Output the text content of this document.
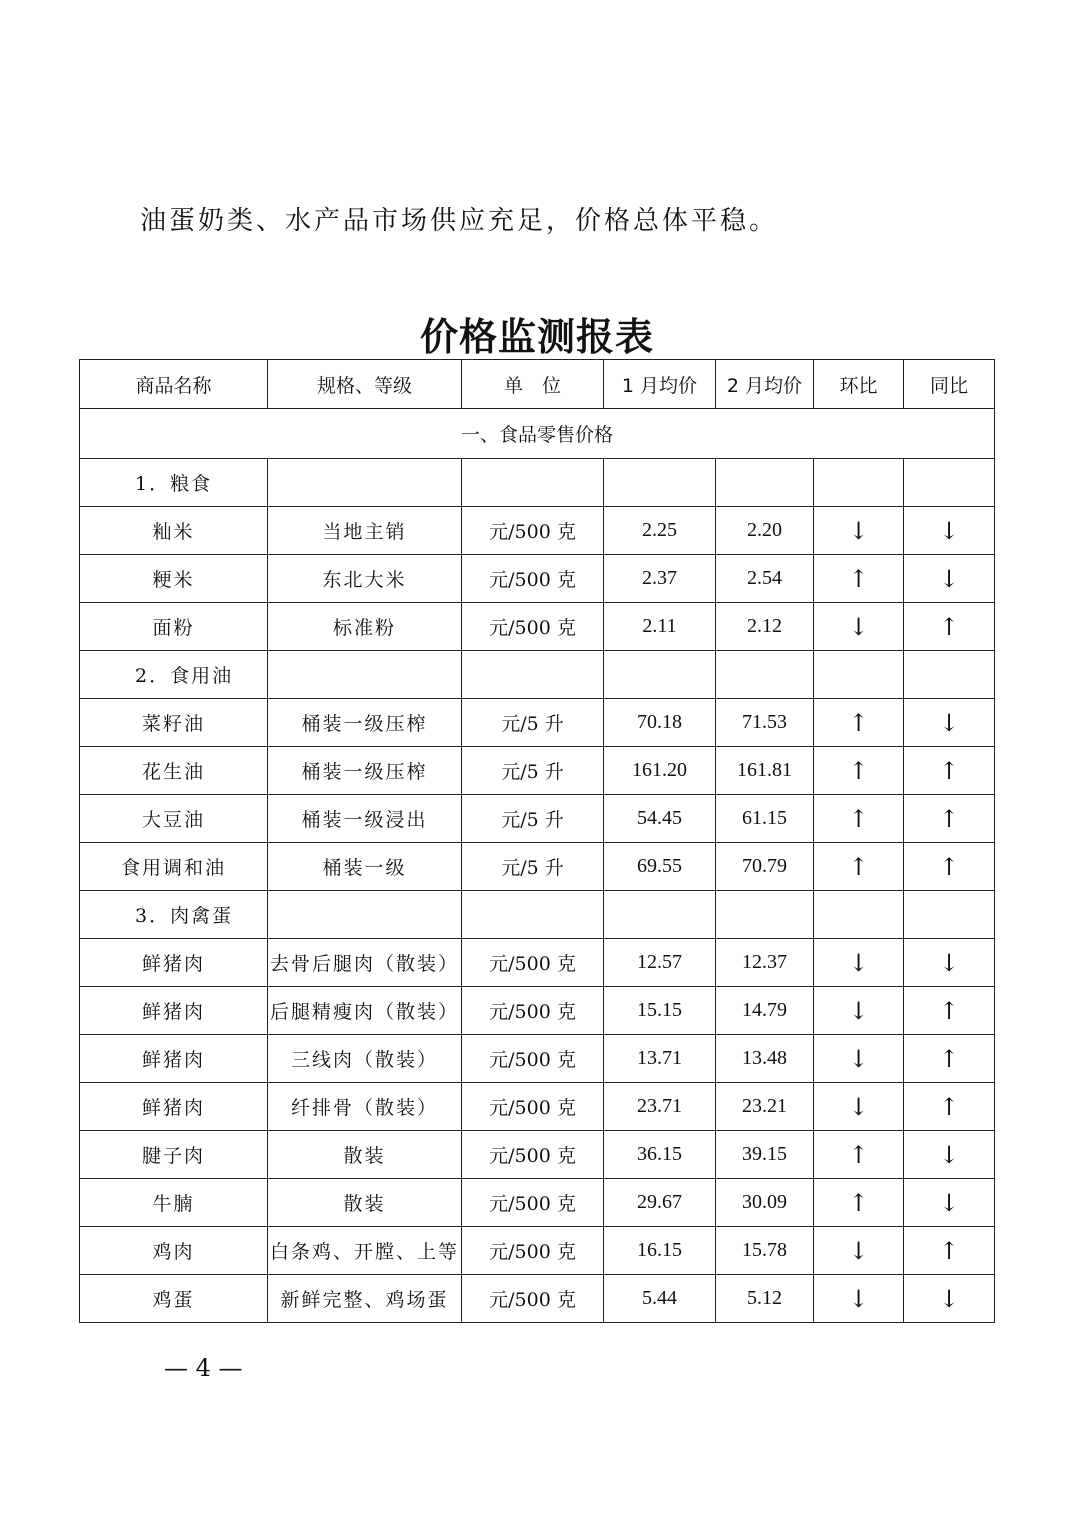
油蛋奶类、水产品市场供应充足，价格总体平稳。
价格监测报表
商品名称	规格、等级	单　位	1 月均价	2 月均价	环比	同比
一、食品零售价格						
1．粮食						
籼米	当地主销	元/500 克	2.25	2.20	↓	↓
粳米	东北大米	元/500 克	2.37	2.54	↑	↓
面粉	标准粉	元/500 克	2.11	2.12	↓	↑
2．食用油						
菜籽油	桶装一级压榨	元/5 升	70.18	71.53	↑	↓
花生油	桶装一级压榨	元/5 升	161.20	161.81	↑	↑
大豆油	桶装一级浸出	元/5 升	54.45	61.15	↑	↑
食用调和油	桶装一级	元/5 升	69.55	70.79	↑	↑
3．肉禽蛋						
鲜猪肉	去骨后腿肉（散装）	元/500 克	12.57	12.37	↓	↓
鲜猪肉	后腿精瘦肉（散装）	元/500 克	15.15	14.79	↓	↑
鲜猪肉	三线肉（散装）	元/500 克	13.71	13.48	↓	↑
鲜猪肉	纤排骨（散装）	元/500 克	23.71	23.21	↓	↑
腱子肉	散装	元/500 克	36.15	39.15	↑	↓
牛腩	散装	元/500 克	29.67	30.09	↑	↓
鸡肉	白条鸡、开膛、上等	元/500 克	16.15	15.78	↓	↑
鸡蛋	新鲜完整、鸡场蛋	元/500 克	5.44	5.12	↓	↓
— 4 —
